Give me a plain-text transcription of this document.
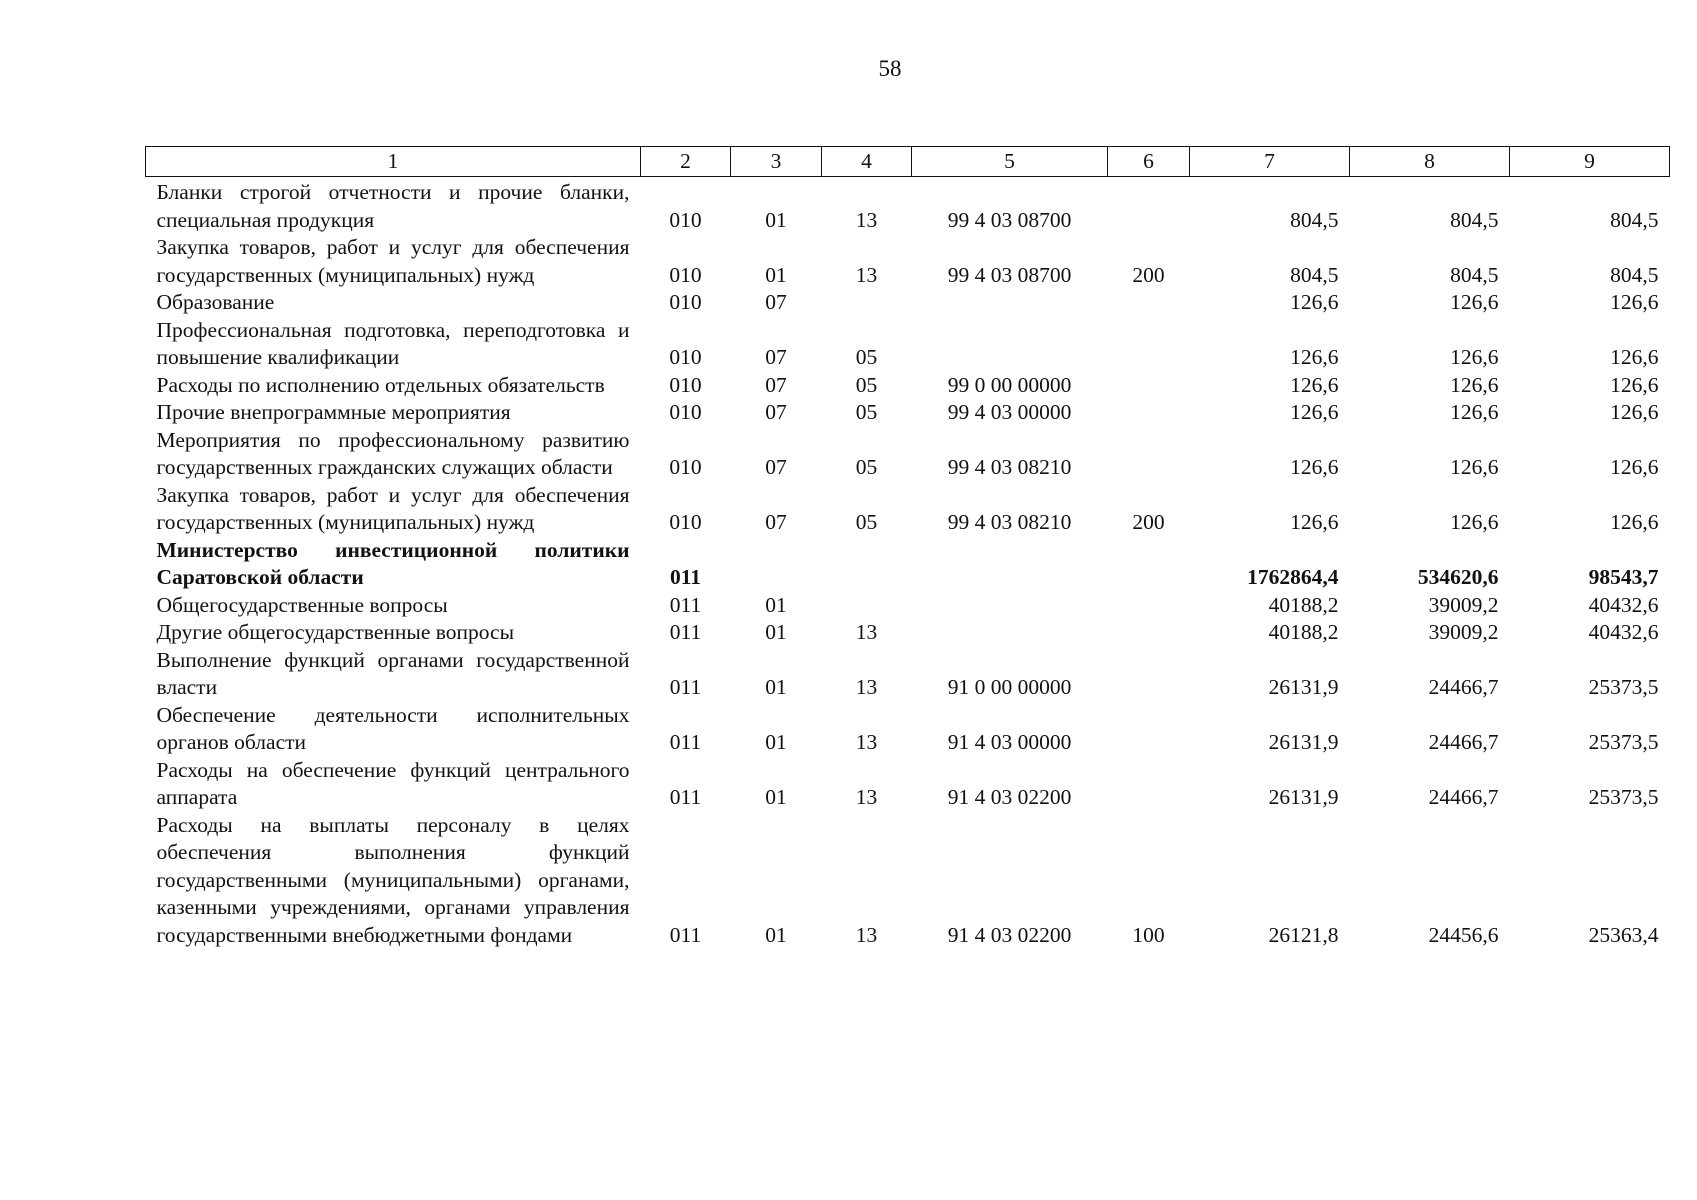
58
1	2	3	4	5	6	7	8	9
Бланки строгой отчетности и прочие бланки, специальная продукция	010	01	13	99 4 03 08700		804,5	804,5	804,5
Закупка товаров, работ и услуг для обеспечения государственных (муниципальных) нужд	010	01	13	99 4 03 08700	200	804,5	804,5	804,5
Образование	010	07				126,6	126,6	126,6
Профессиональная подготовка, переподготовка и повышение квалификации	010	07	05			126,6	126,6	126,6
Расходы по исполнению отдельных обязательств	010	07	05	99 0 00 00000		126,6	126,6	126,6
Прочие внепрограммные мероприятия	010	07	05	99 4 03 00000		126,6	126,6	126,6
Мероприятия по профессиональному развитию государственных гражданских служащих области	010	07	05	99 4 03 08210		126,6	126,6	126,6
Закупка товаров, работ и услуг для обеспечения государственных (муниципальных) нужд	010	07	05	99 4 03 08210	200	126,6	126,6	126,6
Министерство инвестиционной политики Саратовской области	011					1762864,4	534620,6	98543,7
Общегосударственные вопросы	011	01				40188,2	39009,2	40432,6
Другие общегосударственные вопросы	011	01	13			40188,2	39009,2	40432,6
Выполнение функций органами государственной власти	011	01	13	91 0 00 00000		26131,9	24466,7	25373,5
Обеспечение деятельности исполнительных органов области	011	01	13	91 4 03 00000		26131,9	24466,7	25373,5
Расходы на обеспечение функций центрального аппарата	011	01	13	91 4 03 02200		26131,9	24466,7	25373,5
Расходы на выплаты персоналу в целях обеспечения выполнения функций государственными (муниципальными) органами, казенными учреждениями, органами управления государственными внебюджетными фондами	011	01	13	91 4 03 02200	100	26121,8	24456,6	25363,4
